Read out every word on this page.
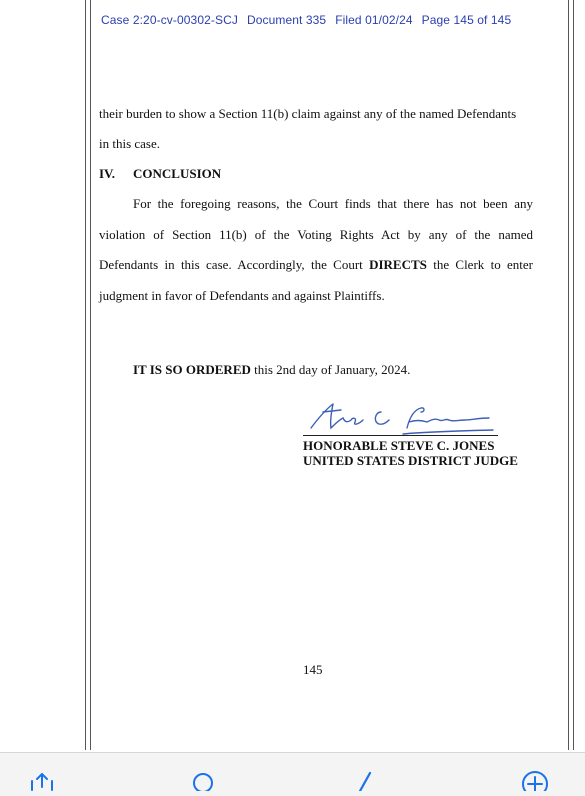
Case 2:20-cv-00302-SCJ Document 335 Filed 01/02/24 Page 145 of 145
their burden to show a Section 11(b) claim against any of the named Defendants
in this case.
IV. CONCLUSION
For the foregoing reasons, the Court finds that there has not been any
violation of Section 11(b) of the Voting Rights Act by any of the named
Defendants in this case. Accordingly, the Court DIRECTS the Clerk to enter
judgment in favor of Defendants and against Plaintiffs.
IT IS SO ORDERED this 2nd day of January, 2024.
HONORABLE STEVE C. JONES
UNITED STATES DISTRICT JUDGE
145
